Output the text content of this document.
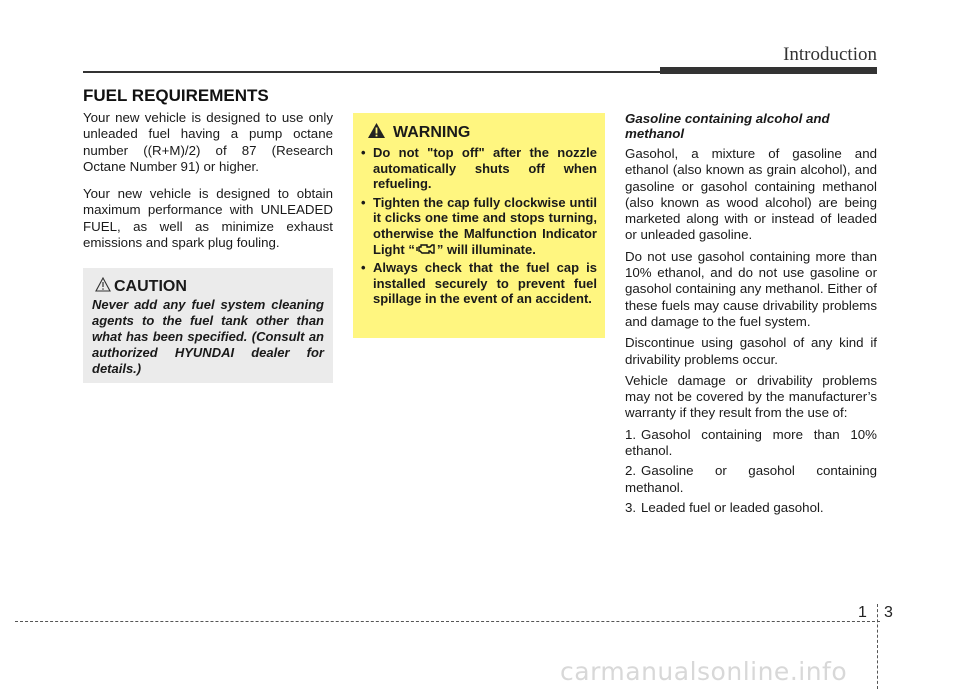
Introduction
FUEL REQUIREMENTS

Your new vehicle is designed to use only unleaded fuel having a pump octane number ((R+M)/2) of 87 (Research Octane Number 91) or higher.

Your new vehicle is designed to obtain maximum performance with UNLEADED FUEL, as well as minimize exhaust emissions and spark plug fouling.

CAUTION
Never add any fuel system cleaning agents to the fuel tank other than what has been specified. (Consult an authorized HYUNDAI dealer for details.)
WARNING
• Do not "top off" after the nozzle automatically shuts off when refueling.
• Tighten the cap fully clockwise until it clicks one time and stops turning, otherwise the Malfunction Indicator Light “ ” will illuminate.
• Always check that the fuel cap is installed securely to prevent fuel spillage in the event of an accident.

Gasoline containing alcohol and methanol

Gasohol, a mixture of gasoline and ethanol (also known as grain alcohol), and gasoline or gasohol containing methanol (also known as wood alcohol) are being marketed along with or instead of leaded or unleaded gasoline.

Do not use gasohol containing more than 10% ethanol, and do not use gasoline or gasohol containing any methanol. Either of these fuels may cause drivability problems and damage to the fuel system.

Discontinue using gasohol of any kind if drivability problems occur.

Vehicle damage or drivability problems may not be covered by the manufacturer’s warranty if they result from the use of:

1. Gasohol containing more than 10% ethanol.
2. Gasoline or gasohol containing methanol.
3. Leaded fuel or leaded gasohol.
1 3
carmanualsonline.info
